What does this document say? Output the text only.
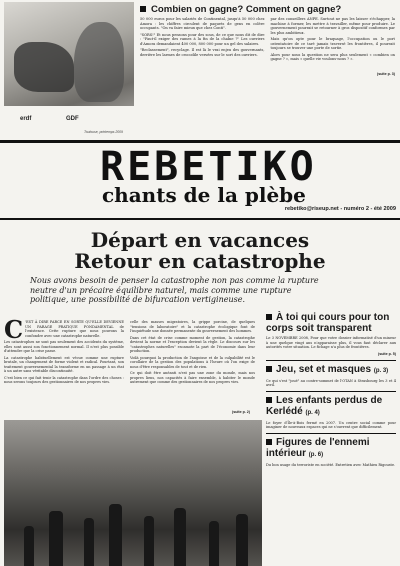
erdf	GDF
Toulouse, printemps 2009
Combien on gagne? Comment on gagne?

50 000 euros pour les salariés de Continental, jusqu'à 50 000 chez Amora : les chiffres circulent de paquets de gens en colère occupants. "On va faire mieux que chez Conti".

"SORS!" Et nous pensons pour des sous, de ce que nous dit de dire : "Faut-il exiger des rames à la fin de la chaîne ?" Les ouvriers d'Amora demandaient 400 000, 800 000 pour un gel des salaires.

"Reclassement", recyclage. Il est là le vrai enjeu des gouvernants, derrière les larmes de crocodile versées sur le sort des ouvriers.

par des conseillers ANPE. Surtout ne pas les laisser s'échapper, la machine à former, les mettre à travailler, même pour produire. Le gouvernement pourrait se retourner à gros dispositif conformes par les plus ambitieux.

Mais qu'on opte pour le braquage, l'occupation ou le port ostentatoire de ce taré jamais traversé les frontières, il pourrait toujours se trouver une porte de sortie.

Alors pour nous la question ne sera plus seulement « combien on gagne ? », mais « quelle vie voulons-nous ? ».

(suite p. 3)
REBETIKO
chants de la plèbe
rebetiko@riseup.net - numéro 2 - été 2009
Départ en vacances
Retour en catastrophe
Nous avons besoin de penser la catastrophe non pas comme la rupture neutre d'un précaire équilibre naturel, mais comme une rupture politique, une possibilité de bifurcation vertigineuse.

C 'EST À DIRE PARCE EN SORTE QU'ELLE DEVIENNE UN PARAGE PRATIQUE PONDAMENTAL de l'existence. Cette rupture que nous pouvons la confondre avec une catastrophe naturelle.

Les catastrophes ne sont pas seulement des accidents du système, elles sont aussi son fonctionnement normal. Il n'est plus possible d'attendre que la crise passe.

La catastrophe habituellement est vécue comme une rupture brutale, un changement de forme violent et radical. Pourtant, son traitement gouvernemental la transforme en un passage à un état à un autre sans véritable discontinuité.

C'est bien ce qui fait tenir la catastrophe dans l'ordre des choses : nous serons toujours des gestionnaires de nos propres vies.

celle des masses migratoires, la grippe porcine, de quelques "tensions de laboratoire" et la catastrophe écologique font de l'inquiétude une donnée permanente du gouvernement des hommes.

Dans cet état de crise comme moment de gestion, la catastrophe devient la norme et l'exception devient la règle. Le discours sur les "catastrophes naturelles" escamote la part de l'économie dans leur production.

Voilà pourquoi la production de l'angoisse et de la culpabilité est le corollaire de la gestion des populations à l'heure où l'on exige de nous d'être responsables de tout et de rien.

Ce qui doit être anéanti n'est pas une zone du monde, mais nos propres liens, nos capacités à faire ensemble, à habiter le monde autrement que comme des gestionnaires de nos propres vies.

(suite p. 2)
À toi qui cours pour ton corps soit transparent
Le 3 NOVEMBRE 2008, Pour que votre dossier informatisé d'un mineur à une quelque vingt ans n'apparaisse plus, il vous faut déclarer aux autorités votre situation. Le fichage n'a plus de frontières.
(suite p. 5)
Jeu, set et masques (p. 3)
Ce qui s'est "joué" au contre-sommet de l'OTAN à Strasbourg les 3 et 4 avril.
Les enfants perdus de Kerlédé (p. 4)
Le foyer d'Île-à-Bois fermé en 2007. Un centre social comme pour imaginer de nouveaux espaces qui ne s'ouvrent que difficilement.
Figures de l'ennemi intérieur (p. 6)
Du bon usage du terroriste en société. Entretien avec Mathieu Rigouste.
